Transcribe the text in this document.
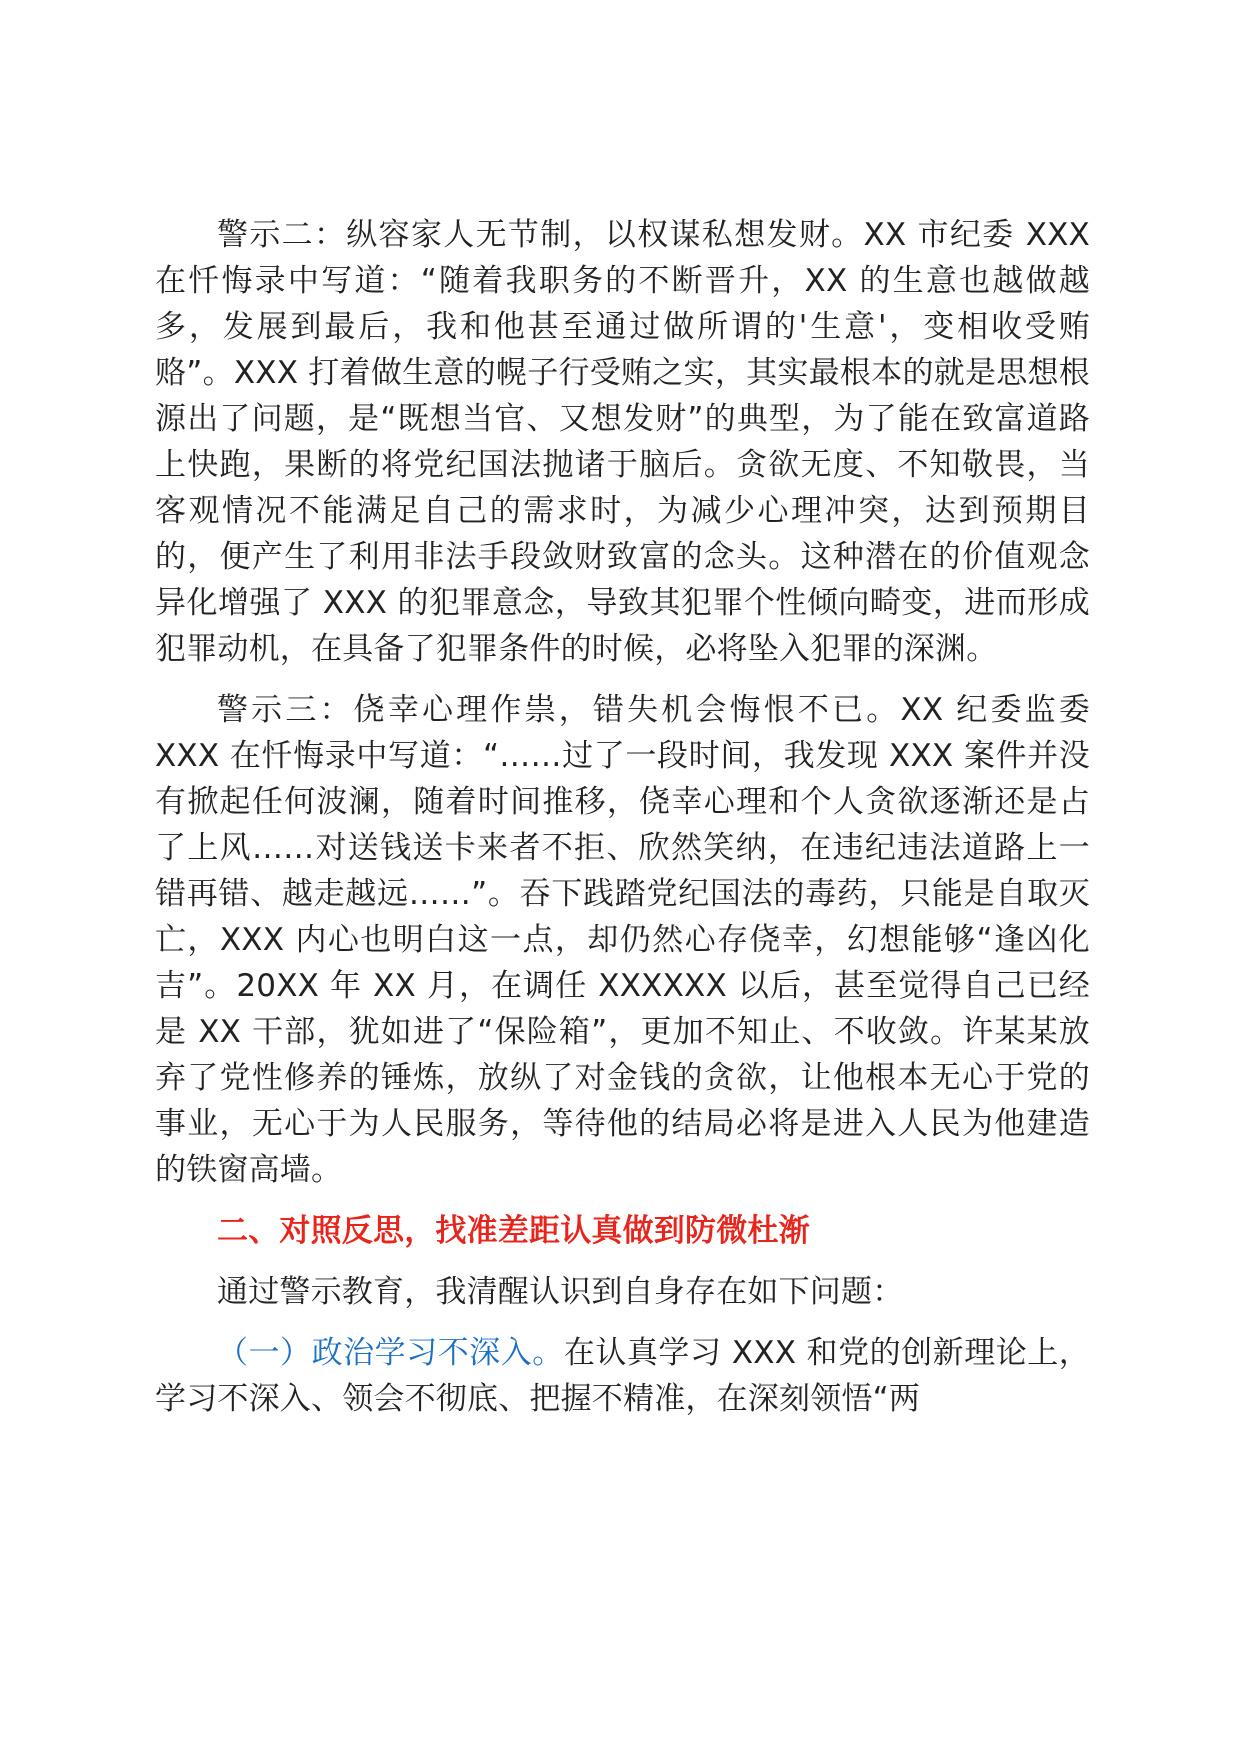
警示二：纵容家人无节制，以权谋私想发财。XX 市纪委 XXX 在忏悔录中写道：“随着我职务的不断晋升，XX 的生意也越做越多，发展到最后，我和他甚至通过做所谓的'生意'，变相收受贿赂”。XXX 打着做生意的幌子行受贿之实，其实最根本的就是思想根源出了问题，是“既想当官、又想发财”的典型，为了能在致富道路上快跑，果断的将党纪国法抛诸于脑后。贪欲无度、不知敬畏，当客观情况不能满足自己的需求时，为减少心理冲突，达到预期目的，便产生了利用非法手段敛财致富的念头。这种潜在的价值观念异化增强了 XXX 的犯罪意念，导致其犯罪个性倾向畸变，进而形成犯罪动机，在具备了犯罪条件的时候，必将坠入犯罪的深渊。

警示三：侥幸心理作祟，错失机会悔恨不已。XX 纪委监委 XXX 在忏悔录中写道：“……过了一段时间，我发现 XXX 案件并没有掀起任何波澜，随着时间推移，侥幸心理和个人贪欲逐渐还是占了上风……对送钱送卡来者不拒、欣然笑纳，在违纪违法道路上一错再错、越走越远……”。吞下践踏党纪国法的毒药，只能是自取灭亡，XXX 内心也明白这一点，却仍然心存侥幸，幻想能够“逢凶化吉”。20XX 年 XX 月，在调任 XXXXXX 以后，甚至觉得自己已经是 XX 干部，犹如进了“保险箱”，更加不知止、不收敛。许某某放弃了党性修养的锤炼，放纵了对金钱的贪欲，让他根本无心于党的事业，无心于为人民服务，等待他的结局必将是进入人民为他建造的铁窗高墙。

二、对照反思，找准差距认真做到防微杜渐

通过警示教育，我清醒认识到自身存在如下问题：

（一）政治学习不深入。在认真学习 XXX 和党的创新理论上，学习不深入、领会不彻底、把握不精准，在深刻领悟“两
